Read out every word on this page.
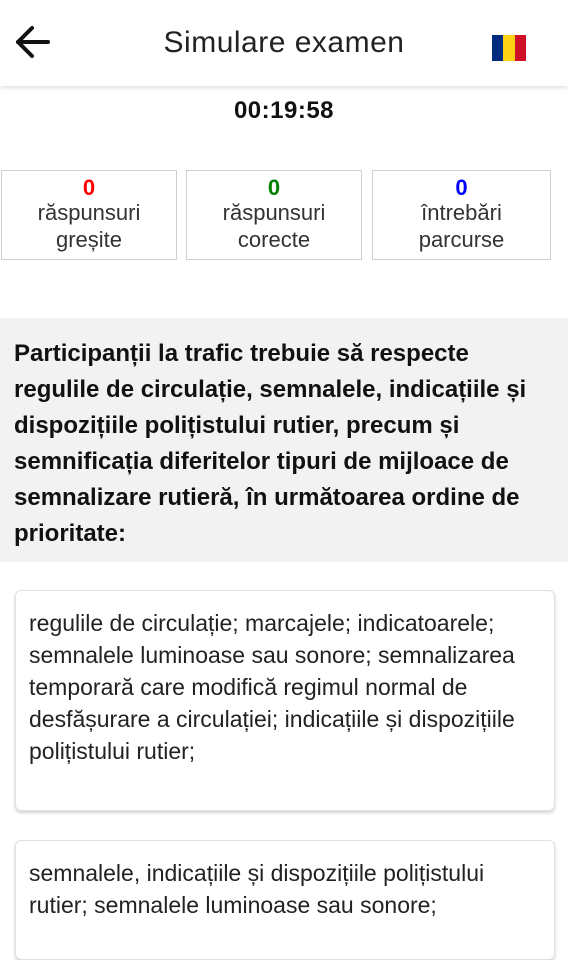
Simulare examen
00:19:58
0
răspunsuri
greșite
0
răspunsuri
corecte
0
întrebări
parcurse
Participanții la trafic trebuie să respecte regulile de circulație, semnalele, indicațiile și dispozițiile polițistului rutier, precum și semnificația diferitelor tipuri de mijloace de semnalizare rutieră, în următoarea ordine de prioritate:
regulile de circulație; marcajele; indicatoarele; semnalele luminoase sau sonore; semnalizarea temporară care modifică regimul normal de desfășurare a circulației; indicațiile și dispozițiile polițistului rutier;
semnalele, indicațiile și dispozițiile polițistului rutier; semnalele luminoase sau sonore;
